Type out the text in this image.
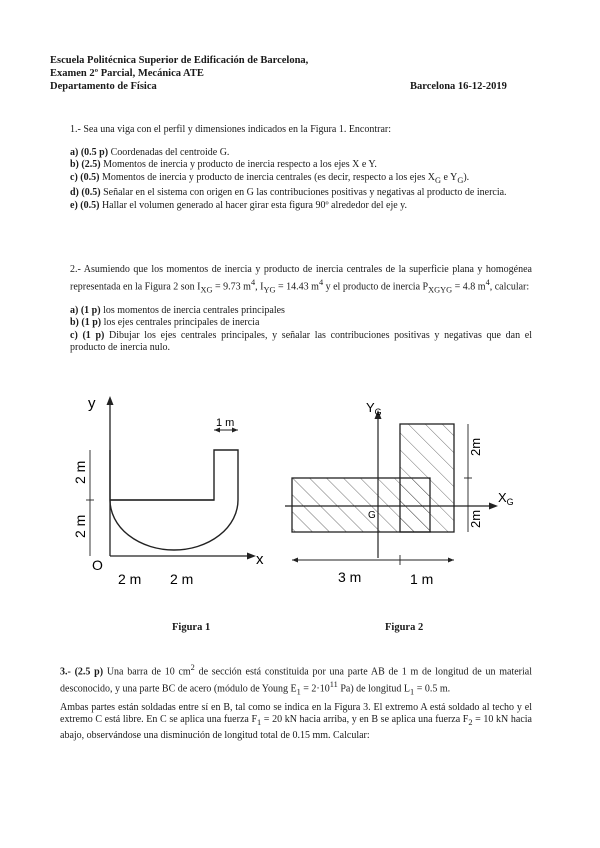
Escuela Politécnica Superior de Edificación de Barcelona,
Examen 2º Parcial, Mecánica ATE
Departamento de Física	Barcelona 16-12-2019
1.- Sea una viga con el perfil y dimensiones indicados en la Figura 1. Encontrar:
a) (0.5 p) Coordenadas del centroide G.
b) (2.5) Momentos de inercia y producto de inercia respecto a los ejes X e Y.
c) (0.5) Momentos de inercia y producto de inercia centrales (es decir, respecto a los ejes $X_G$ e $Y_G$).
d) (0.5) Señalar en el sistema con origen en G las contribuciones positivas y negativas al producto de inercia.
e) (0.5) Hallar el volumen generado al hacer girar esta figura 90º alrededor del eje y.
2.- Asumiendo que los momentos de inercia y producto de inercia centrales de la superficie plana y homogénea representada en la Figura 2 son $I_{XG} = 9.73$ $m^4$, $I_{YG} = 14.43$ $m^4$ y el producto de inercia $P_{XGYG} = 4.8$ $m^4$, calcular:
a) (1 p) los momentos de inercia centrales principales
b) (1 p) los ejes centrales principales de inercia
c) (1 p) Dibujar los ejes centrales principales, y señalar las contribuciones positivas y negativas que dan el producto de inercia nulo.
1 m
2 m
2 m
y
x
O
2 m 2 m
Figura 1
2m
2m
$Y_G$
$X_G$
G
3 m	1 m
Figura 2
3.- (2.5 p) Una barra de 10 $cm^2$ de sección está constituida por una parte AB de 1 m de longitud de un material desconocido, y una parte BC de acero (módulo de Young $E_1 = 2\cdot 10^{11}$ Pa) de longitud $L_1 = 0.5$ m.
Ambas partes están soldadas entre sí en B, tal como se indica en la Figura 3. El extremo A está soldado al techo y el extremo C está libre. En C se aplica una fuerza $F_1 = 20$ kN hacia arriba, y en B se aplica una fuerza $F_2 = 10$ kN hacia abajo, observándose una disminución de longitud total de 0.15 mm. Calcular:
